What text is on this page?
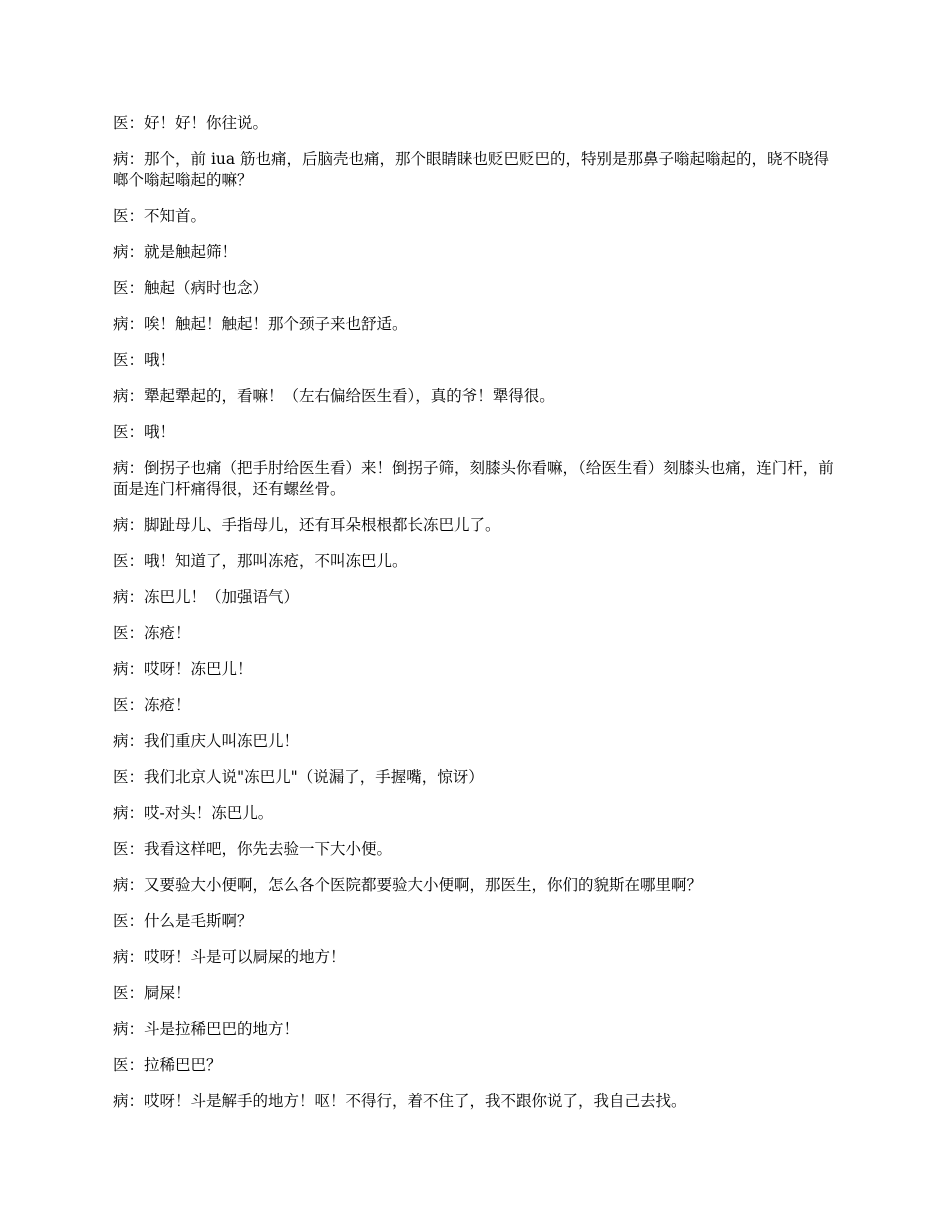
医：好！好！你往说。

病：那个，前 iua 筋也痛，后脑壳也痛，那个眼睛睐也贬巴贬巴的，特别是那鼻子嗡起嗡起的，晓不晓得啷个嗡起嗡起的嘛？

医：不知首。

病：就是触起筛！

医：触起（病时也念）

病：唉！触起！触起！那个颈子来也舒适。

医：哦！

病：犟起犟起的，看嘛！（左右偏给医生看），真的爷！犟得很。

医：哦！

病：倒拐子也痛（把手肘给医生看）来！倒拐子筛，刻膝头你看嘛，（给医生看）刻膝头也痛，连门杆，前面是连门杆痛得很，还有螺丝骨。

病：脚趾母儿、手指母儿，还有耳朵根根都长冻巴儿了。

医：哦！知道了，那叫冻疮，不叫冻巴儿。

病：冻巴儿！（加强语气）

医：冻疮！

病：哎呀！冻巴儿！

医：冻疮！

病：我们重庆人叫冻巴儿！

医：我们北京人说"冻巴儿"（说漏了，手握嘴，惊讶）

病：哎-对头！冻巴儿。

医：我看这样吧，你先去验一下大小便。

病：又要验大小便啊，怎么各个医院都要验大小便啊，那医生，你们的貌斯在哪里啊？

医：什么是毛斯啊？

病：哎呀！斗是可以屙屎的地方！

医：屙屎！

病：斗是拉稀巴巴的地方！

医：拉稀巴巴？

病：哎呀！斗是解手的地方！呕！不得行，着不住了，我不跟你说了，我自己去找。
